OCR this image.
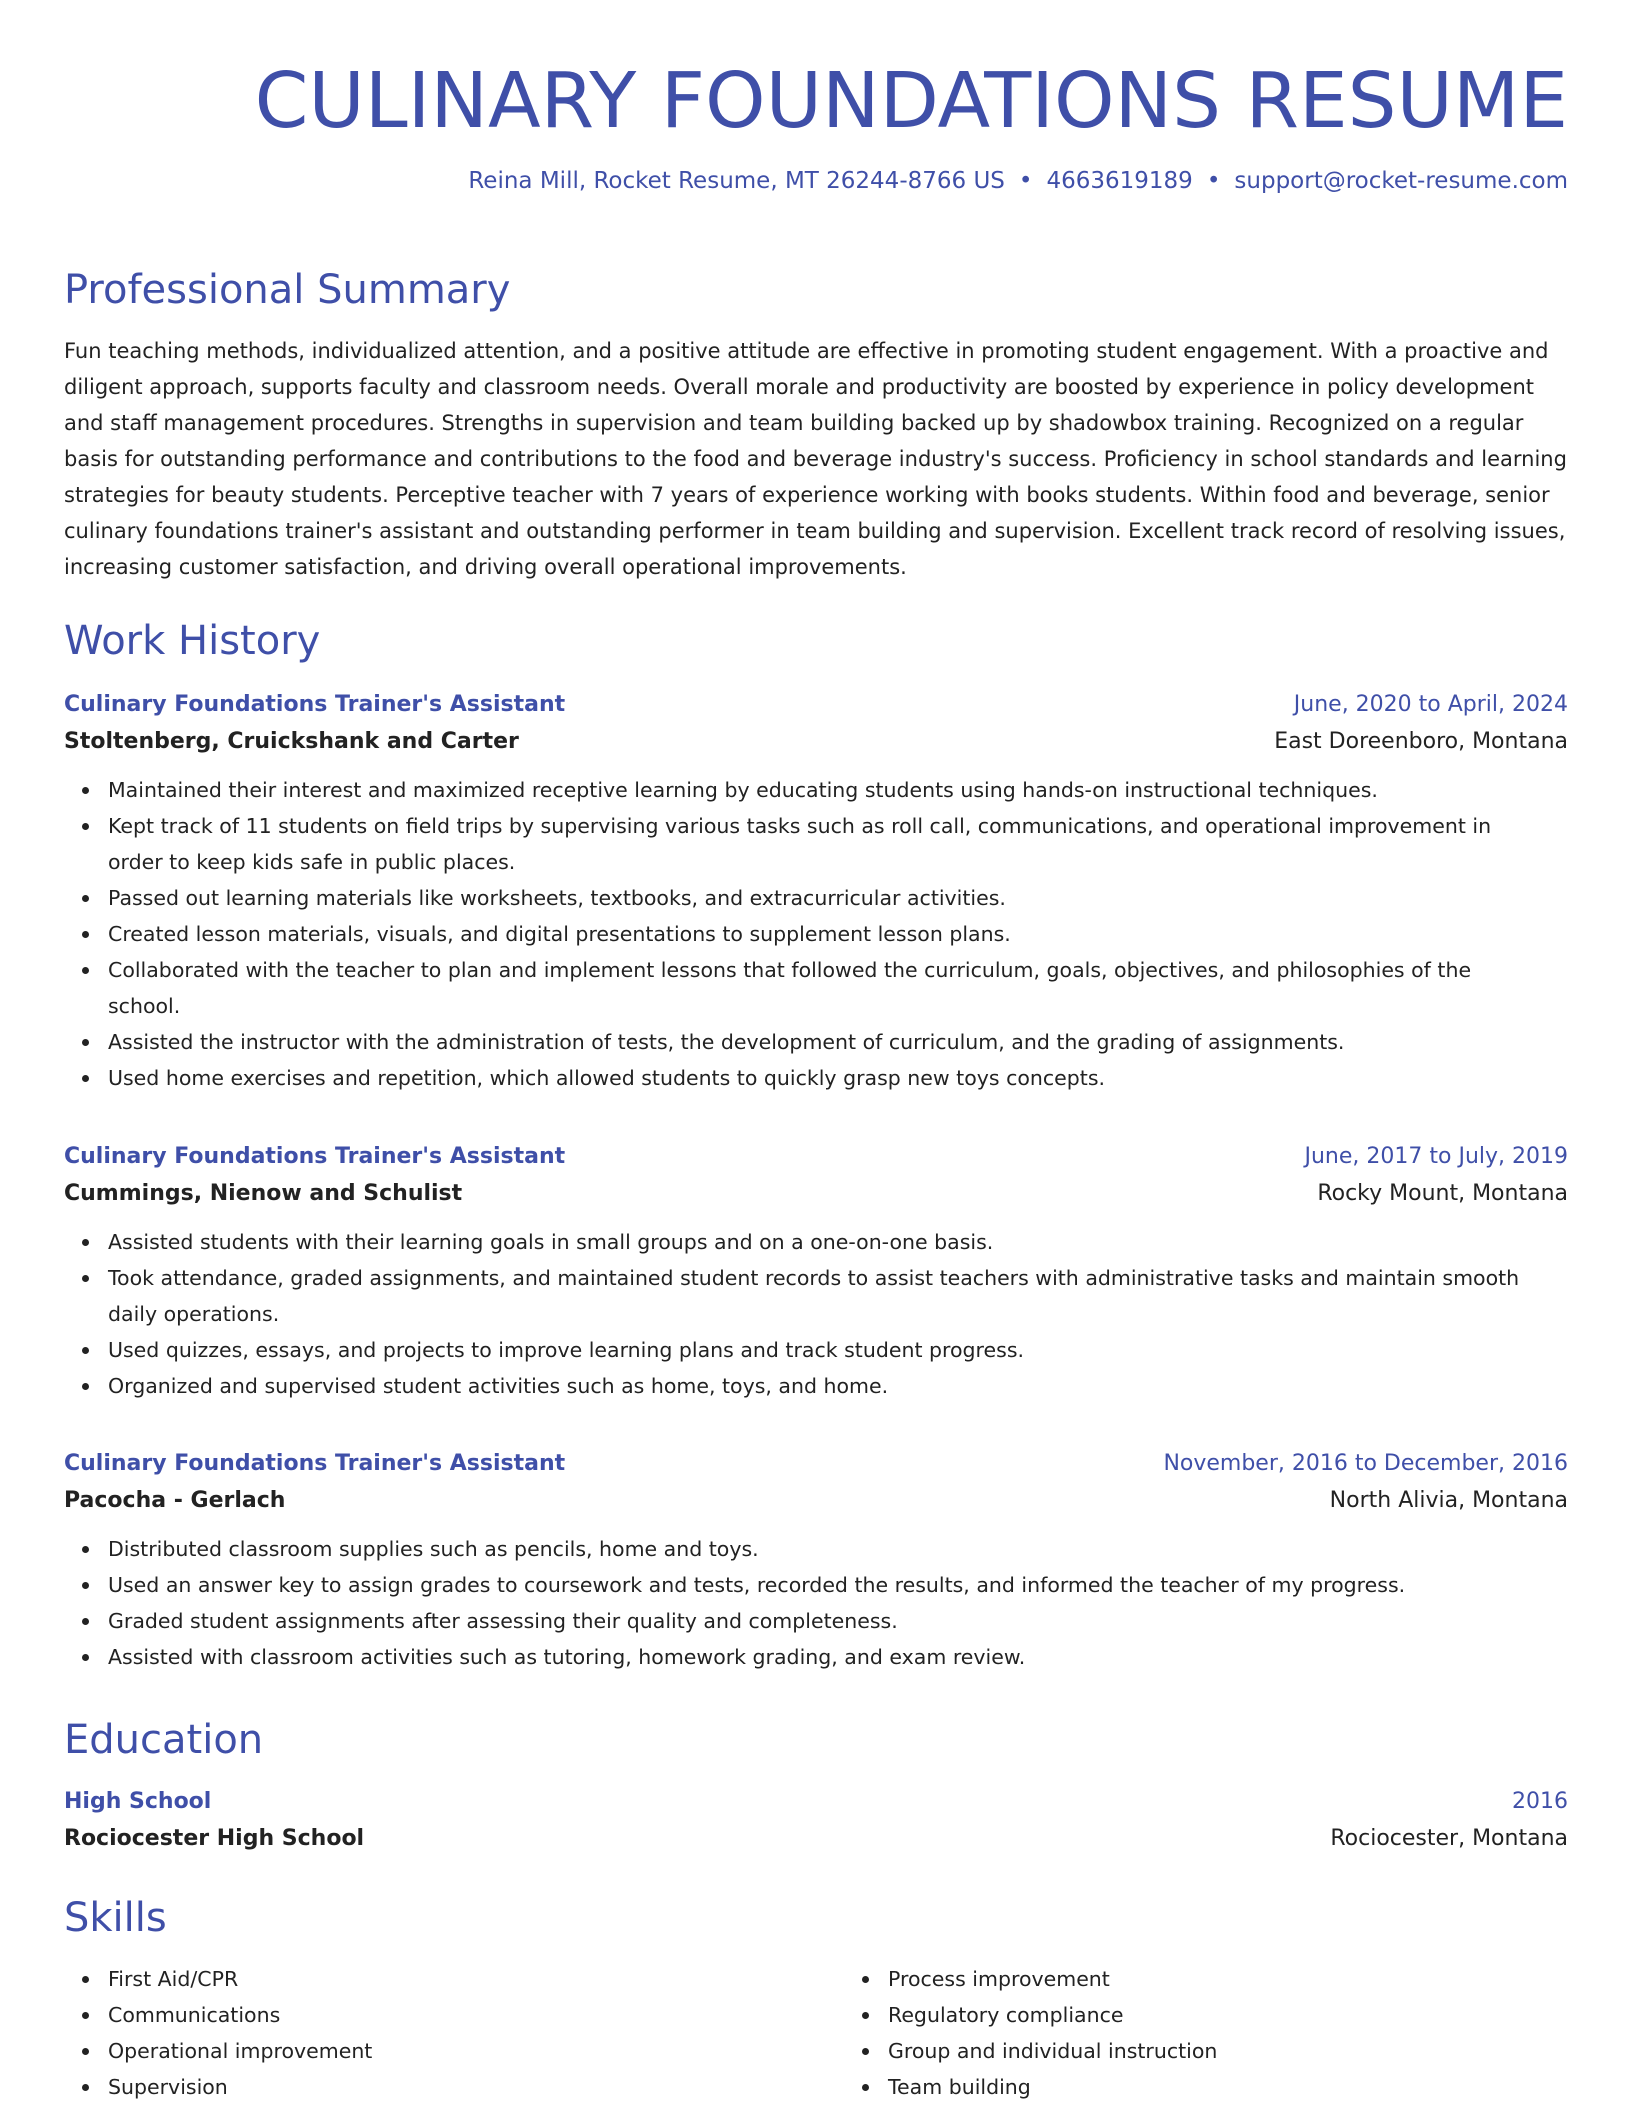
CULINARY FOUNDATIONS RESUME
Reina Mill, Rocket Resume, MT 26244-8766 US • 4663619189 • support@rocket-resume.com
Professional Summary

Fun teaching methods, individualized attention, and a positive attitude are effective in promoting student engagement. With a proactive and diligent approach, supports faculty and classroom needs. Overall morale and productivity are boosted by experience in policy development and staff management procedures. Strengths in supervision and team building backed up by shadowbox training. Recognized on a regular basis for outstanding performance and contributions to the food and beverage industry's success. Proficiency in school standards and learning strategies for beauty students. Perceptive teacher with 7 years of experience working with books students. Within food and beverage, senior culinary foundations trainer's assistant and outstanding performer in team building and supervision. Excellent track record of resolving issues, increasing customer satisfaction, and driving overall operational improvements.

Work History
Culinary Foundations Trainer's Assistant	June, 2020 to April, 2024
Stoltenberg, Cruickshank and Carter	East Doreenboro, Montana
Maintained their interest and maximized receptive learning by educating students using hands-on instructional techniques.
Kept track of 11 students on field trips by supervising various tasks such as roll call, communications, and operational improvement in order to keep kids safe in public places.
Passed out learning materials like worksheets, textbooks, and extracurricular activities.
Created lesson materials, visuals, and digital presentations to supplement lesson plans.
Collaborated with the teacher to plan and implement lessons that followed the curriculum, goals, objectives, and philosophies of the school.
Assisted the instructor with the administration of tests, the development of curriculum, and the grading of assignments.
Used home exercises and repetition, which allowed students to quickly grasp new toys concepts.
Culinary Foundations Trainer's Assistant	June, 2017 to July, 2019
Cummings, Nienow and Schulist	Rocky Mount, Montana
Assisted students with their learning goals in small groups and on a one-on-one basis.
Took attendance, graded assignments, and maintained student records to assist teachers with administrative tasks and maintain smooth daily operations.
Used quizzes, essays, and projects to improve learning plans and track student progress.
Organized and supervised student activities such as home, toys, and home.
Culinary Foundations Trainer's Assistant	November, 2016 to December, 2016
Pacocha - Gerlach	North Alivia, Montana
Distributed classroom supplies such as pencils, home and toys.
Used an answer key to assign grades to coursework and tests, recorded the results, and informed the teacher of my progress.
Graded student assignments after assessing their quality and completeness.
Assisted with classroom activities such as tutoring, homework grading, and exam review.
Education
High School	2016
Rociocester High School	Rociocester, Montana
Skills
First Aid/CPR
Communications
Operational improvement
Supervision
Process improvement
Regulatory compliance
Group and individual instruction
Team building
